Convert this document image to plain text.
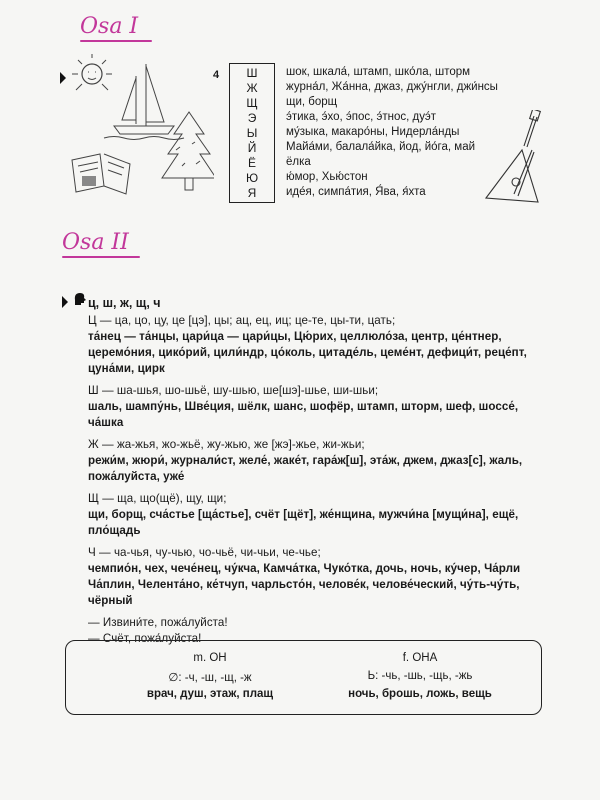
Osa I
Osa II
4	Ш
Ж
Щ
Э
Ы
Й
Ё
Ю
Я
шок, шкала́, штамп, шко́ла, шторм
журна́л, Жа́нна, джаз, джу́нгли, джи́нсы
щи, борщ
э́тика, э́хо, э́пос, э́тнос, дуэ́т
му́зыка, макаро́ны, Нидерла́нды
Майа́ми, балала́йка, йод, йо́га, май
ёлка
ю́мор, Хью́стон
иде́я, симпа́тия, Я́ва, я́хта
ц, ш, ж, щ, ч
Ц — ца, цо, цу, це [цэ], цы; ац, ец, иц; це-те, цы-ти, цать;
та́нец — та́нцы, цари́ца — цари́цы, Цю́рих, целлюло́за, центр, це́нтнер,
церемо́ния, цико́рий, цили́ндр, цо́коль, цитаде́ль, цеме́нт, дефици́т, реце́пт,
цуна́ми, цирк
Ш — ша-шья, шо-шьё, шу-шью, ше[шэ]-шье, ши-шьи;
шаль, шампу́нь, Шве́ция, шёлк, шанс, шофёр, штамп, шторм, шеф, шоссе́,
ча́шка
Ж — жа-жья, жо-жьё, жу-жью, же [жэ]-жье, жи-жьи;
режи́м, жюри́, журнали́ст, желе́, жаке́т, гара́ж[ш], эта́ж, джем, джаз[с], жаль,
пожа́луйста, уже́
Щ — ща, що(щё), щу, щи;
щи, борщ, сча́стье [ща́стье], счёт [щёт], же́нщина, мужчи́на [мущи́на], ещё,
пло́щадь
Ч — ча-чья, чу-чью, чо-чьё, чи-чьи, че-чье;
чемпио́н, чех, чече́нец, чу́кча, Камча́тка, Чуко́тка, дочь, ночь, ку́чер, Ча́рли
Ча́плин, Челента́но, ке́тчуп, чарльсто́н, челове́к, челове́ческий, чу́ть-чу́ть,
чёрный
— Извини́те, пожа́луйста!
— Счёт, пожа́луйста!
m. ОН
∅: -ч, -ш, -щ, -ж
врач, душ, этаж, плащ
f. ОНА
Ь: -чь, -шь, -щь, -жь
ночь, брошь, ложь, вещь
